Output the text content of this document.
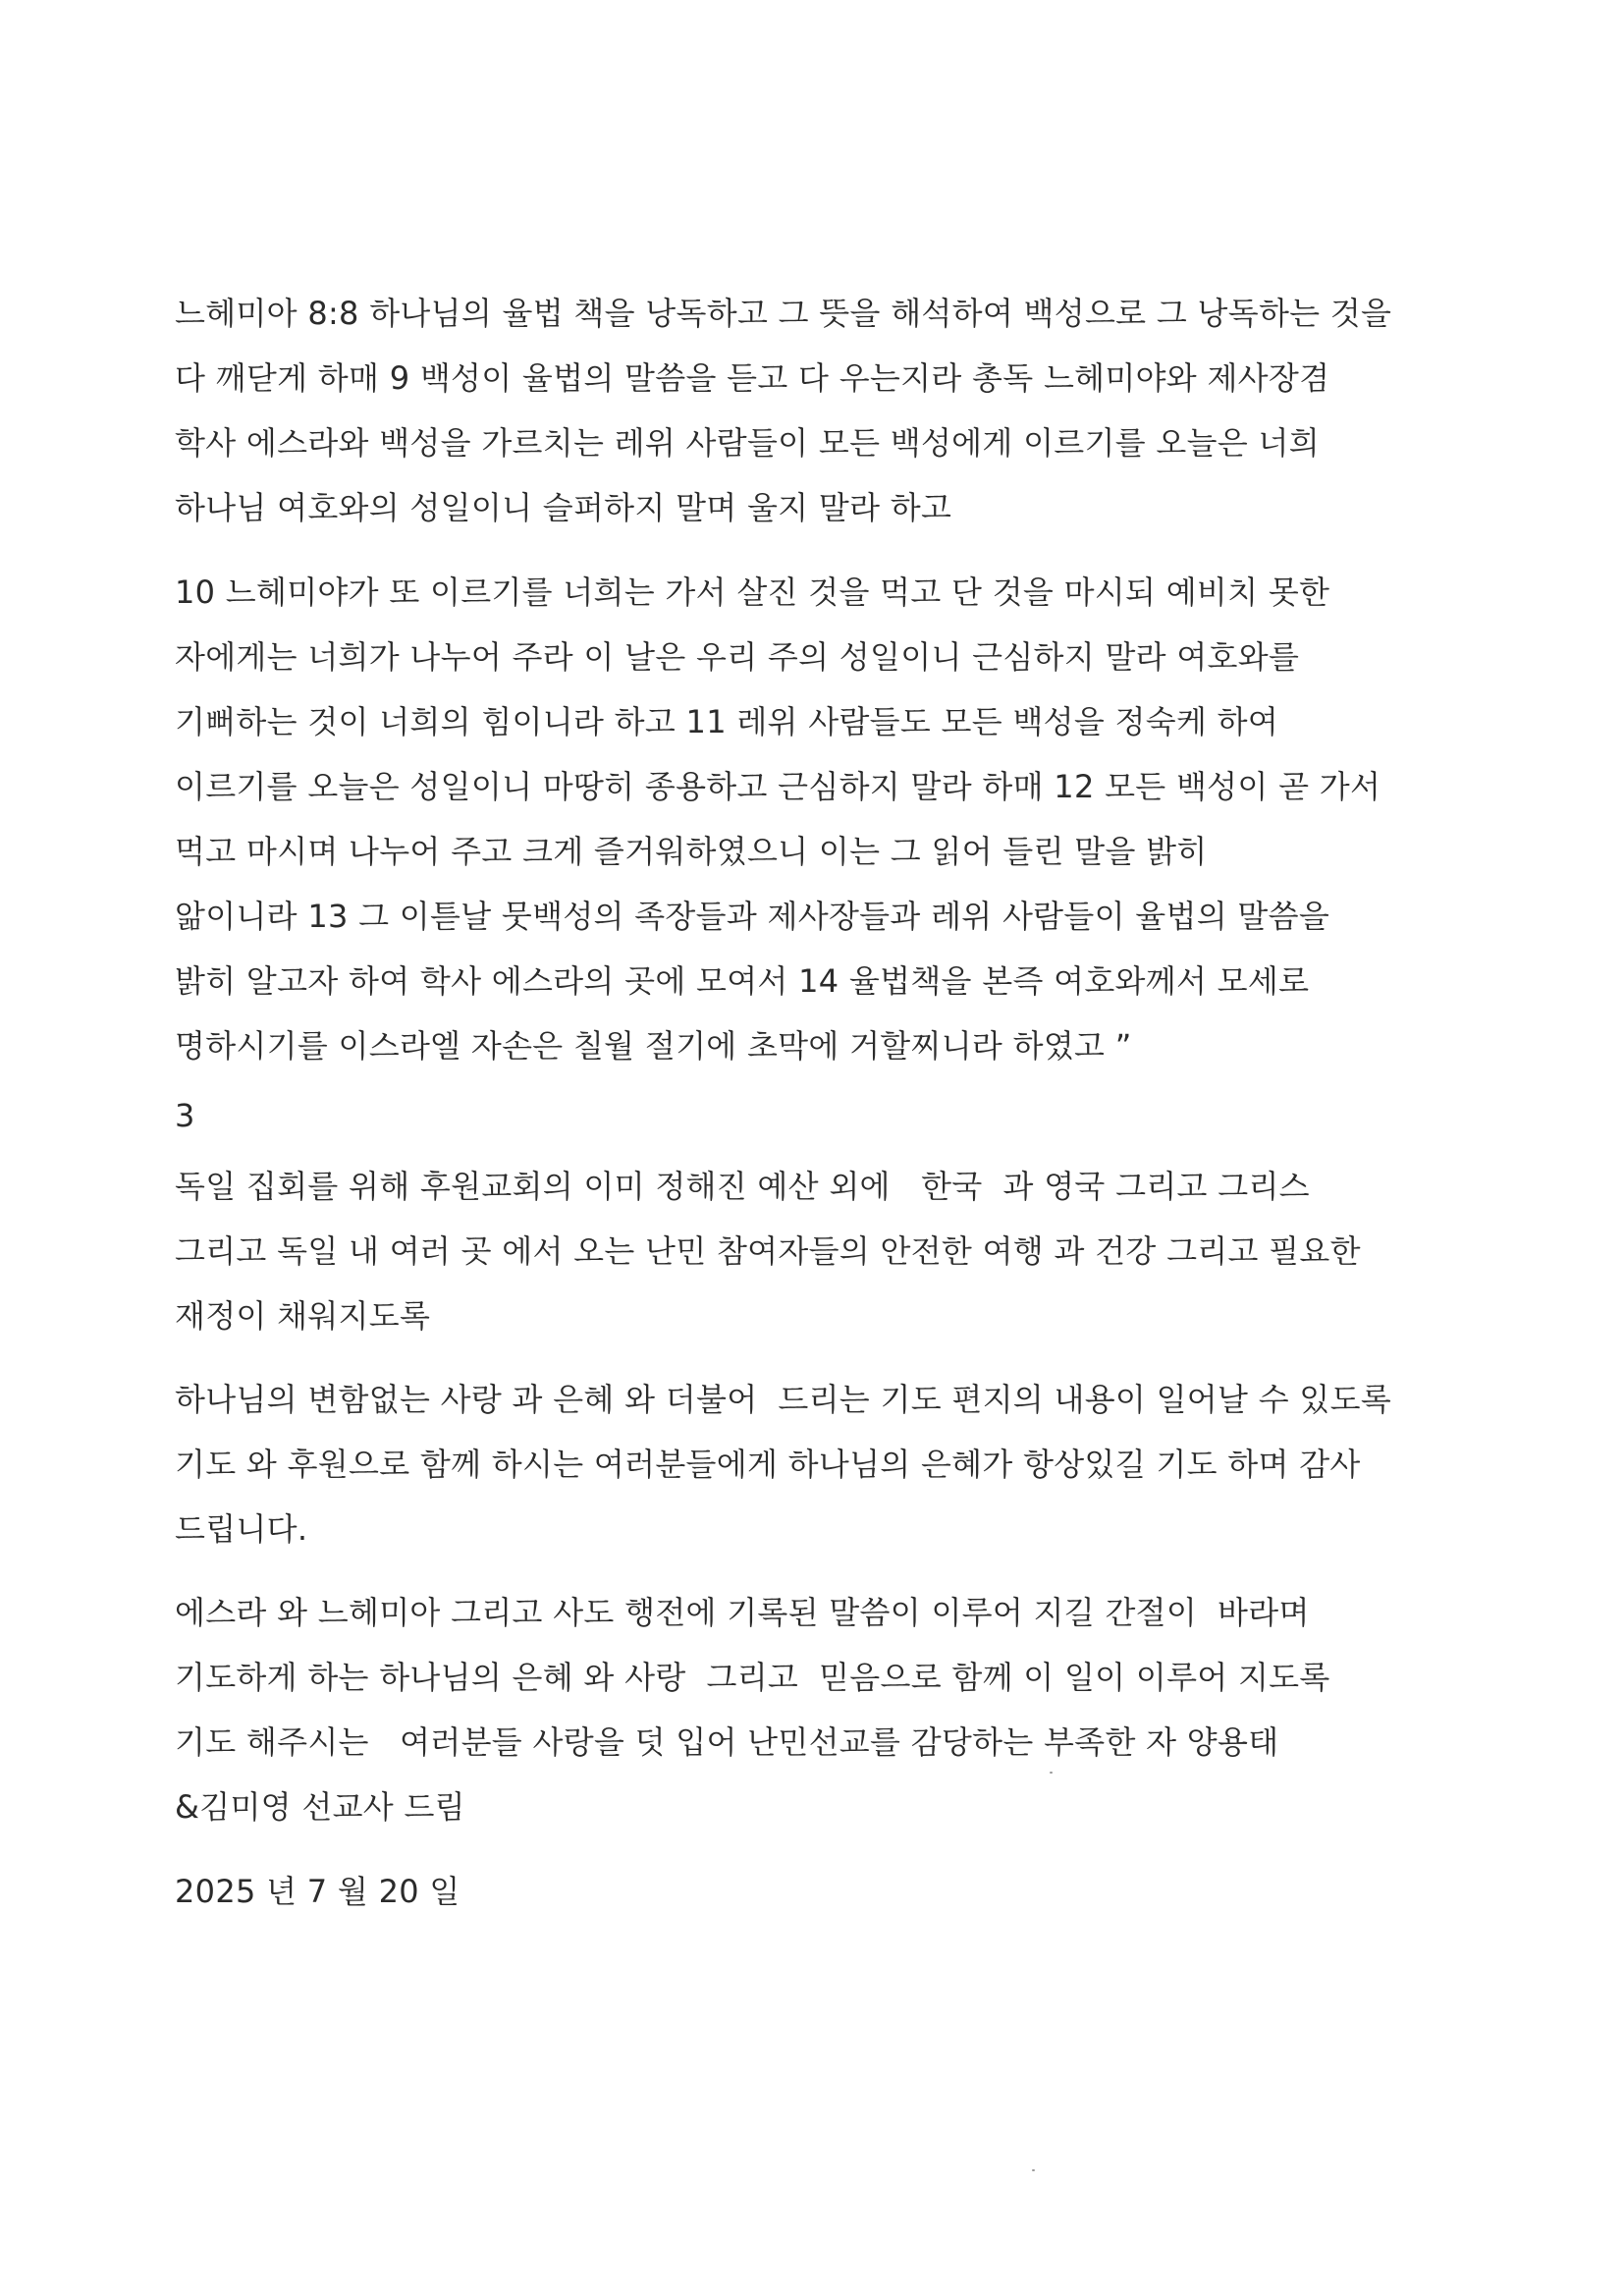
느헤미아 8:8 하나님의 율법 책을 낭독하고 그 뜻을 해석하여 백성으로 그 낭독하는 것을
다 깨닫게 하매 9 백성이 율법의 말씀을 듣고 다 우는지라 총독 느헤미야와 제사장겸
학사 에스라와 백성을 가르치는 레위 사람들이 모든 백성에게 이르기를 오늘은 너희
하나님 여호와의 성일이니 슬퍼하지 말며 울지 말라 하고
10 느헤미야가 또 이르기를 너희는 가서 살진 것을 먹고 단 것을 마시되 예비치 못한
자에게는 너희가 나누어 주라 이 날은 우리 주의 성일이니 근심하지 말라 여호와를
기뻐하는 것이 너희의 힘이니라 하고 11 레위 사람들도 모든 백성을 정숙케 하여
이르기를 오늘은 성일이니 마땅히 종용하고 근심하지 말라 하매 12 모든 백성이 곧 가서
먹고 마시며 나누어 주고 크게 즐거워하였으니 이는 그 읽어 들린 말을 밝히
앎이니라 13 그 이튿날 뭇백성의 족장들과 제사장들과 레위 사람들이 율법의 말씀을
밝히 알고자 하여 학사 에스라의 곳에 모여서 14 율법책을 본즉 여호와께서 모세로
명하시기를 이스라엘 자손은 칠월 절기에 초막에 거할찌니라 하였고 ”
3
독일 집회를 위해 후원교회의 이미 정해진 예산 외에   한국  과 영국 그리고 그리스
그리고 독일 내 여러 곳 에서 오는 난민 참여자들의 안전한 여행 과 건강 그리고 필요한
재정이 채워지도록
하나님의 변함없는 사랑 과 은혜 와 더불어  드리는 기도 편지의 내용이 일어날 수 있도록
기도 와 후원으로 함께 하시는 여러분들에게 하나님의 은혜가 항상있길 기도 하며 감사
드립니다.
에스라 와 느헤미아 그리고 사도 행전에 기록된 말씀이 이루어 지길 간절이  바라며
기도하게 하는 하나님의 은혜 와 사랑  그리고  믿음으로 함께 이 일이 이루어 지도록
기도 해주시는   여러분들 사랑을 덧 입어 난민선교를 감당하는 부족한 자 양용태
&김미영 선교사 드림
2025 년 7 월 20 일
